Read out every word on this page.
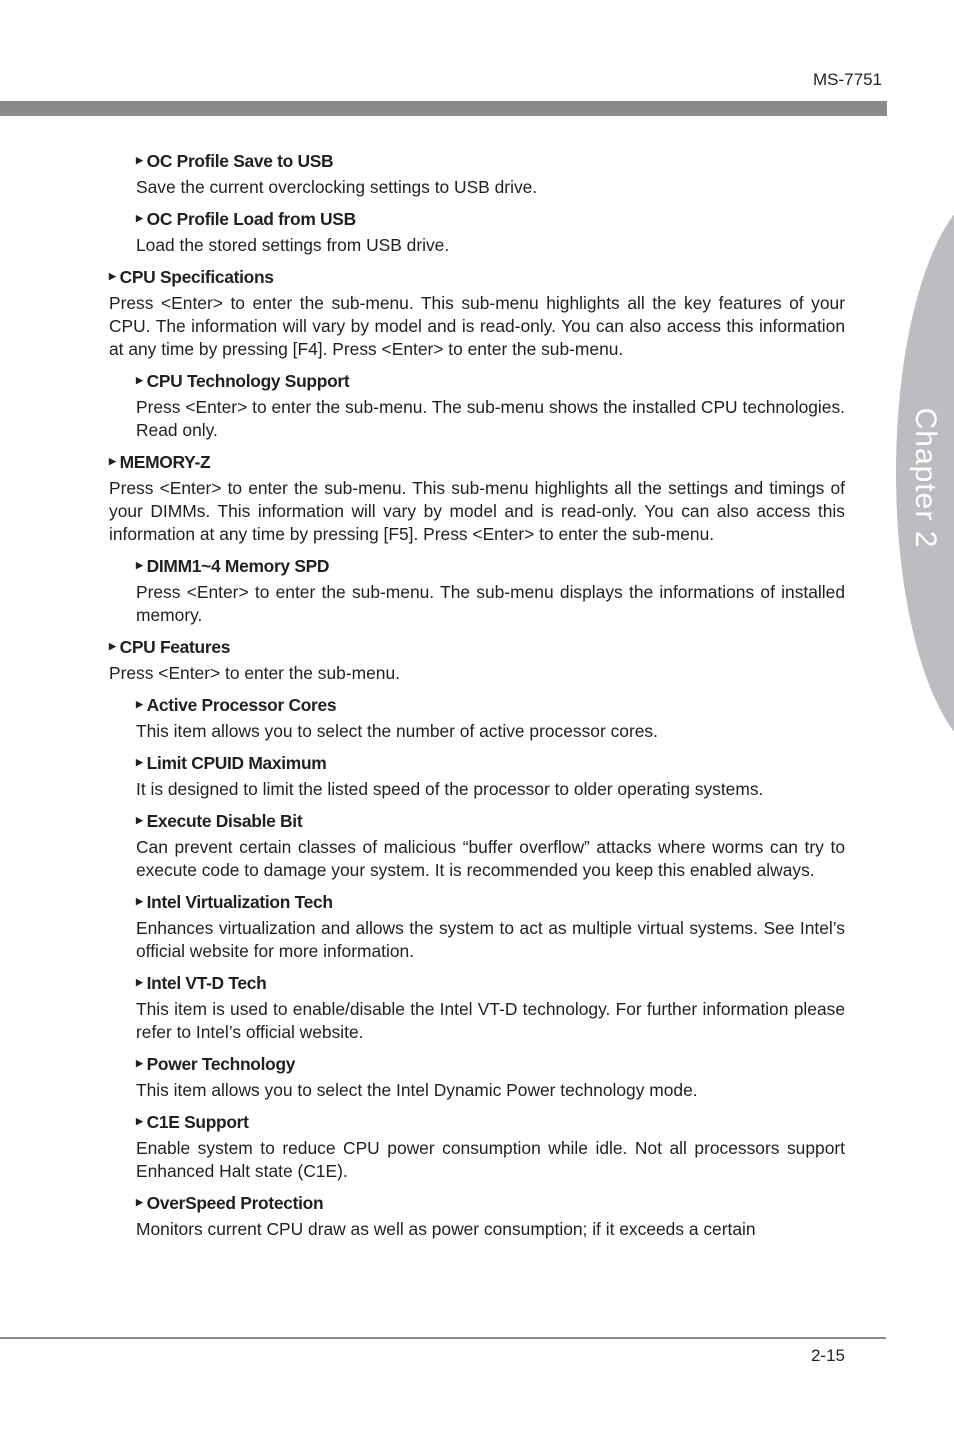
MS-7751
Chapter 2
▶ OC Profile Save to USB
Save the current overclocking settings to USB drive.
▶ OC Profile Load from USB
Load the stored settings from USB drive.
▶ CPU Specifications
Press <Enter> to enter the sub-menu. This sub-menu highlights all the key features of your CPU. The information will vary by model and is read-only. You can also access this information at any time by pressing [F4]. Press <Enter> to enter the sub-menu.
▶ CPU Technology Support
Press <Enter> to enter the sub-menu. The sub-menu shows the installed CPU technologies. Read only.
▶ MEMORY-Z
Press <Enter> to enter the sub-menu. This sub-menu highlights all the settings and timings of your DIMMs. This information will vary by model and is read-only. You can also access this information at any time by pressing [F5]. Press <Enter> to enter the sub-menu.
▶ DIMM1~4 Memory SPD
Press <Enter> to enter the sub-menu. The sub-menu displays the informations of installed memory.
▶ CPU Features
Press <Enter> to enter the sub-menu.
▶ Active Processor Cores
This item allows you to select the number of active processor cores.
▶ Limit CPUID Maximum
It is designed to limit the listed speed of the processor to older operating systems.
▶ Execute Disable Bit
Can prevent certain classes of malicious “buffer overflow” attacks where worms can try to execute code to damage your system. It is recommended you keep this enabled always.
▶ Intel Virtualization Tech
Enhances virtualization and allows the system to act as multiple virtual systems. See Intel’s official website for more information.
▶ Intel VT-D Tech
This item is used to enable/disable the Intel VT-D technology. For further information please refer to Intel’s official website.
▶ Power Technology
This item allows you to select the Intel Dynamic Power technology mode.
▶ C1E Support
Enable system to reduce CPU power consumption while idle. Not all processors support Enhanced Halt state (C1E).
▶ OverSpeed Protection
Monitors current CPU draw as well as power consumption; if it exceeds a certain
2-15
